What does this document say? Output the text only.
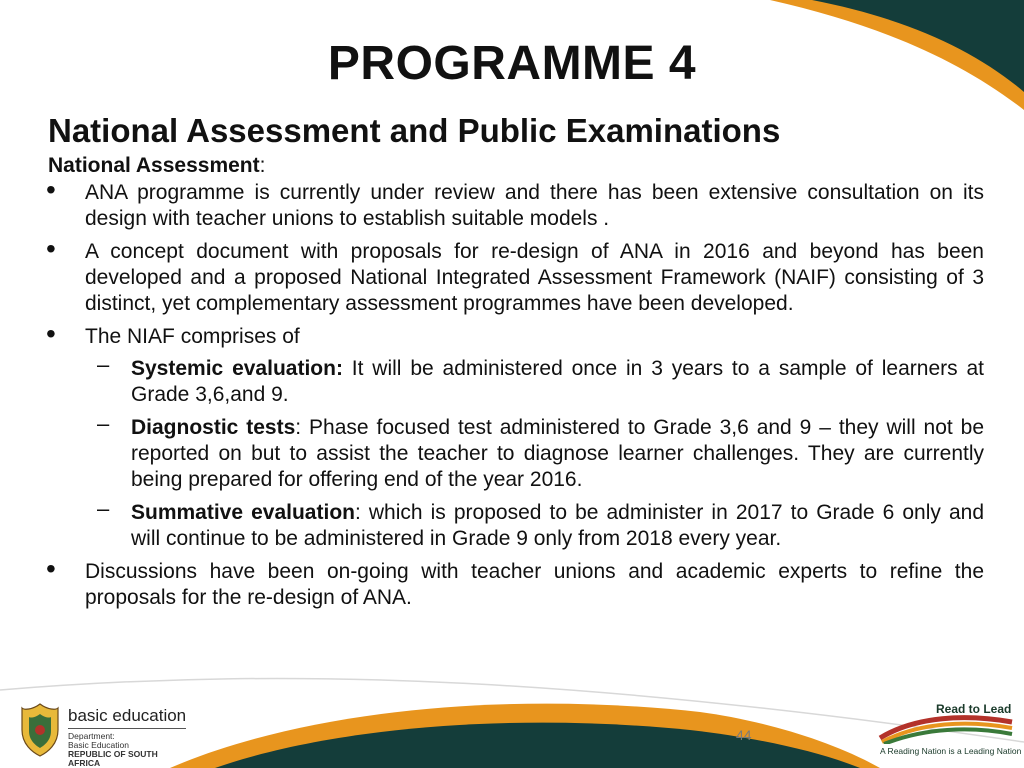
PROGRAMME 4

National Assessment and Public Examinations

National Assessment:
• ANA programme is currently under review and there has been extensive consultation on its design with teacher unions to establish suitable models .
• A concept document with proposals for re-design of ANA in 2016 and beyond has been developed and a proposed National Integrated Assessment Framework (NAIF) consisting of 3 distinct, yet complementary assessment programmes have been developed.
• The NIAF comprises of
– Systemic evaluation: It will be administered once in 3 years to a sample of learners at Grade 3,6,and 9.
– Diagnostic tests: Phase focused test administered to Grade 3,6 and 9 – they will not be reported on but to assist the teacher to diagnose learner challenges. They are currently being prepared for offering end of the year 2016.
– Summative evaluation: which is proposed to be administer in 2017 to Grade 6 only and will continue to be administered in Grade 9 only from 2018 every year.
• Discussions have been on-going with teacher unions and academic experts to refine the proposals for the re-design of ANA.
44
basic education
Department:
Basic Education
REPUBLIC OF SOUTH AFRICA
Read to Lead
A Reading Nation is a Leading Nation
